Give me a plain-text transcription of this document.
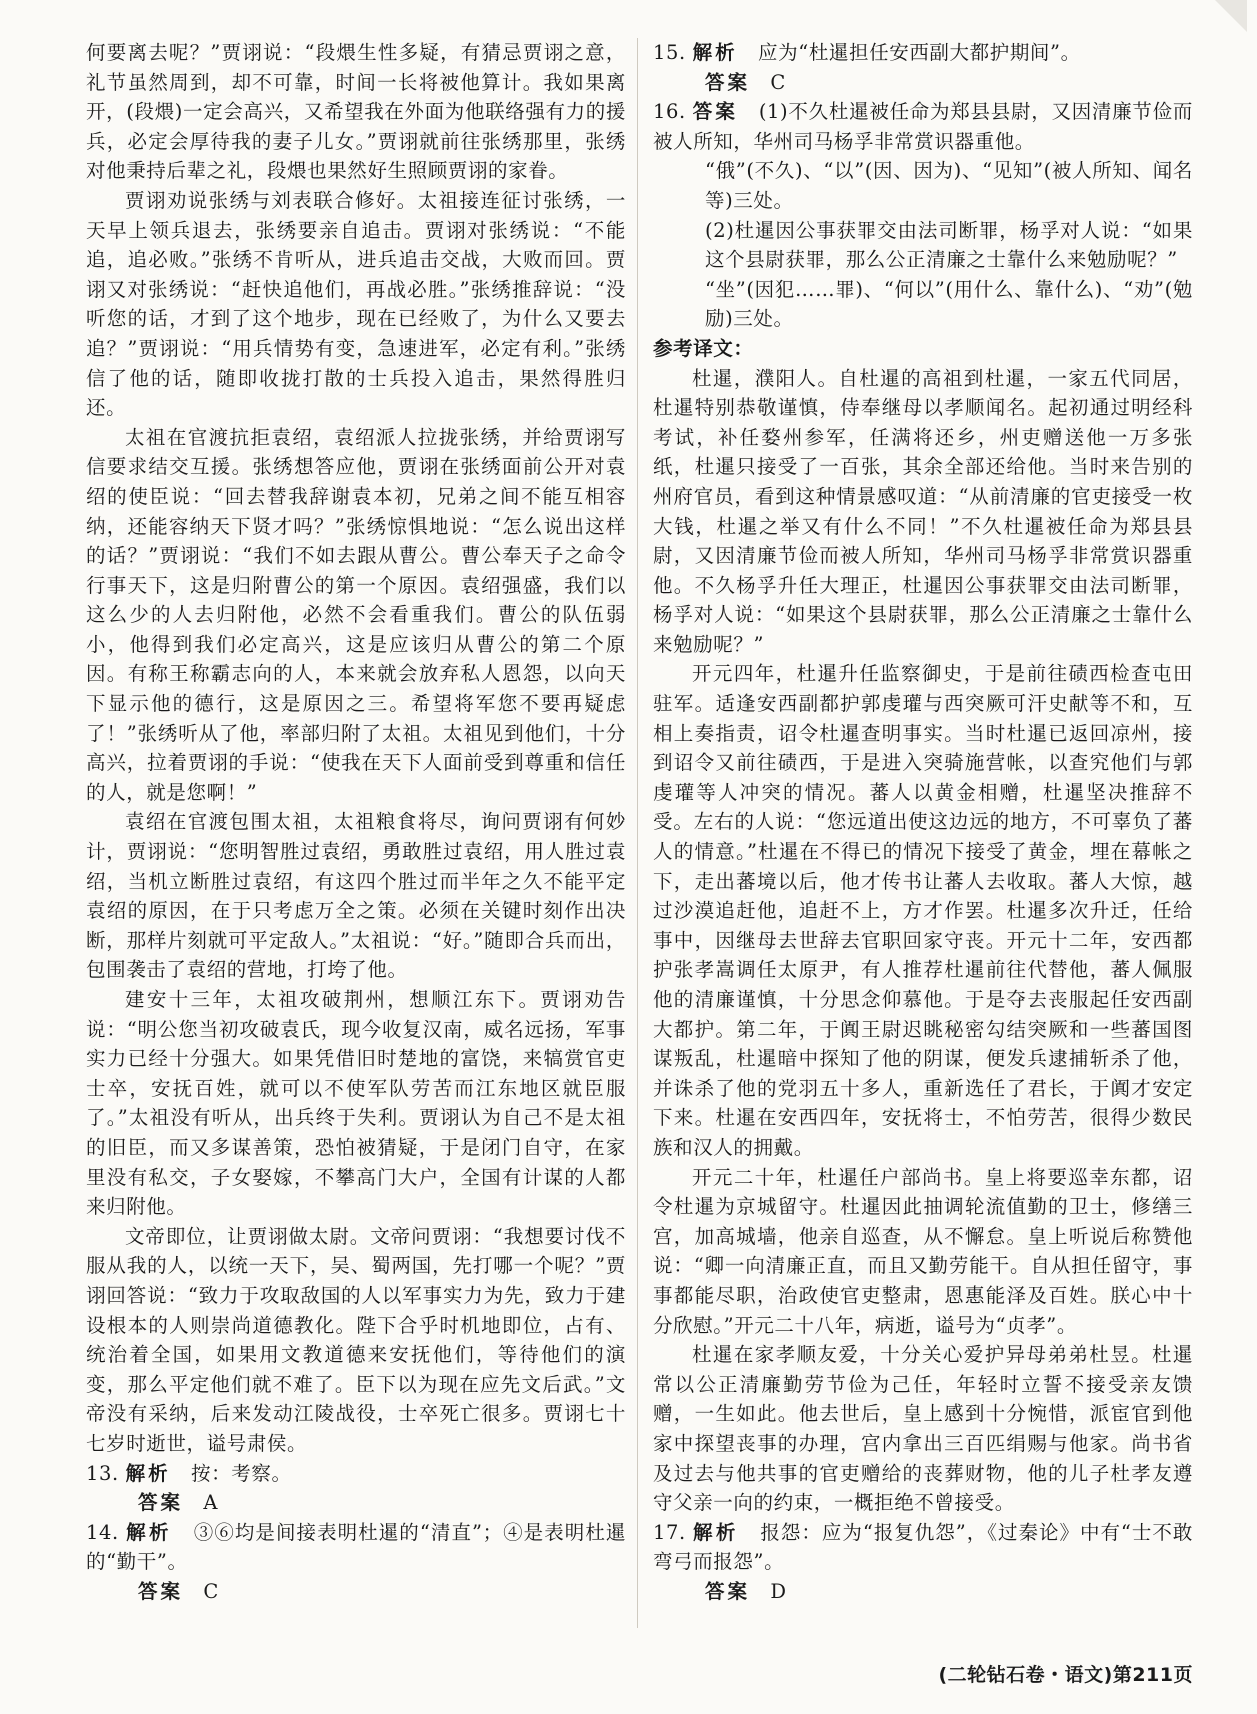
何要离去呢？”贾诩说：“段煨生性多疑，有猜忌贾诩之意，礼节虽然周到，却不可靠，时间一长将被他算计。我如果离开，(段煨)一定会高兴，又希望我在外面为他联络强有力的援兵，必定会厚待我的妻子儿女。”贾诩就前往张绣那里，张绣对他秉持后辈之礼，段煨也果然好生照顾贾诩的家眷。

贾诩劝说张绣与刘表联合修好。太祖接连征讨张绣，一天早上领兵退去，张绣要亲自追击。贾诩对张绣说：“不能追，追必败。”张绣不肯听从，进兵追击交战，大败而回。贾诩又对张绣说：“赶快追他们，再战必胜。”张绣推辞说：“没听您的话，才到了这个地步，现在已经败了，为什么又要去追？”贾诩说：“用兵情势有变，急速进军，必定有利。”张绣信了他的话，随即收拢打散的士兵投入追击，果然得胜归还。

太祖在官渡抗拒袁绍，袁绍派人拉拢张绣，并给贾诩写信要求结交互援。张绣想答应他，贾诩在张绣面前公开对袁绍的使臣说：“回去替我辞谢袁本初，兄弟之间不能互相容纳，还能容纳天下贤才吗？”张绣惊惧地说：“怎么说出这样的话？”贾诩说：“我们不如去跟从曹公。曹公奉天子之命令行事天下，这是归附曹公的第一个原因。袁绍强盛，我们以这么少的人去归附他，必然不会看重我们。曹公的队伍弱小，他得到我们必定高兴，这是应该归从曹公的第二个原因。有称王称霸志向的人，本来就会放弃私人恩怨，以向天下显示他的德行，这是原因之三。希望将军您不要再疑虑了！”张绣听从了他，率部归附了太祖。太祖见到他们，十分高兴，拉着贾诩的手说：“使我在天下人面前受到尊重和信任的人，就是您啊！”

袁绍在官渡包围太祖，太祖粮食将尽，询问贾诩有何妙计，贾诩说：“您明智胜过袁绍，勇敢胜过袁绍，用人胜过袁绍，当机立断胜过袁绍，有这四个胜过而半年之久不能平定袁绍的原因，在于只考虑万全之策。必须在关键时刻作出决断，那样片刻就可平定敌人。”太祖说：“好。”随即合兵而出，包围袭击了袁绍的营地，打垮了他。

建安十三年，太祖攻破荆州，想顺江东下。贾诩劝告说：“明公您当初攻破袁氏，现今收复汉南，威名远扬，军事实力已经十分强大。如果凭借旧时楚地的富饶，来犒赏官吏士卒，安抚百姓，就可以不使军队劳苦而江东地区就臣服了。”太祖没有听从，出兵终于失利。贾诩认为自己不是太祖的旧臣，而又多谋善策，恐怕被猜疑，于是闭门自守，在家里没有私交，子女娶嫁，不攀高门大户，全国有计谋的人都来归附他。

文帝即位，让贾诩做太尉。文帝问贾诩：“我想要讨伐不服从我的人，以统一天下，吴、蜀两国，先打哪一个呢？”贾诩回答说：“致力于攻取敌国的人以军事实力为先，致力于建设根本的人则崇尚道德教化。陛下合乎时机地即位，占有、统治着全国，如果用文教道德来安抚他们，等待他们的演变，那么平定他们就不难了。臣下以为现在应先文后武。”文帝没有采纳，后来发动江陵战役，士卒死亡很多。贾诩七十七岁时逝世，谥号肃侯。

13. 解析 按：考察。

答案 A

14. 解析 ③⑥均是间接表明杜暹的“清直”；④是表明杜暹的“勤干”。

答案 C

15. 解析 应为“杜暹担任安西副大都护期间”。

答案 C

16. 答案 (1)不久杜暹被任命为郑县县尉，又因清廉节俭而被人所知，华州司马杨孚非常赏识器重他。

“俄”(不久)、“以”(因、因为)、“见知”(被人所知、闻名等)三处。

(2)杜暹因公事获罪交由法司断罪，杨孚对人说：“如果这个县尉获罪，那么公正清廉之士靠什么来勉励呢？”

“坐”(因犯……罪)、“何以”(用什么、靠什么)、“劝”(勉励)三处。

参考译文：

杜暹，濮阳人。自杜暹的高祖到杜暹，一家五代同居，杜暹特别恭敬谨慎，侍奉继母以孝顺闻名。起初通过明经科考试，补任婺州参军，任满将还乡，州吏赠送他一万多张纸，杜暹只接受了一百张，其余全部还给他。当时来告别的州府官员，看到这种情景感叹道：“从前清廉的官吏接受一枚大钱，杜暹之举又有什么不同！”不久杜暹被任命为郑县县尉，又因清廉节俭而被人所知，华州司马杨孚非常赏识器重他。不久杨孚升任大理正，杜暹因公事获罪交由法司断罪，杨孚对人说：“如果这个县尉获罪，那么公正清廉之士靠什么来勉励呢？”

开元四年，杜暹升任监察御史，于是前往碛西检查屯田驻军。适逢安西副都护郭虔瓘与西突厥可汗史献等不和，互相上奏指责，诏令杜暹查明事实。当时杜暹已返回凉州，接到诏令又前往碛西，于是进入突骑施营帐，以查究他们与郭虔瓘等人冲突的情况。蕃人以黄金相赠，杜暹坚决推辞不受。左右的人说：“您远道出使这边远的地方，不可辜负了蕃人的情意。”杜暹在不得已的情况下接受了黄金，埋在幕帐之下，走出蕃境以后，他才传书让蕃人去收取。蕃人大惊，越过沙漠追赶他，追赶不上，方才作罢。杜暹多次升迁，任给事中，因继母去世辞去官职回家守丧。开元十二年，安西都护张孝嵩调任太原尹，有人推荐杜暹前往代替他，蕃人佩服他的清廉谨慎，十分思念仰慕他。于是夺去丧服起任安西副大都护。第二年，于阗王尉迟眺秘密勾结突厥和一些蕃国图谋叛乱，杜暹暗中探知了他的阴谋，便发兵逮捕斩杀了他，并诛杀了他的党羽五十多人，重新选任了君长，于阗才安定下来。杜暹在安西四年，安抚将士，不怕劳苦，很得少数民族和汉人的拥戴。

开元二十年，杜暹任户部尚书。皇上将要巡幸东都，诏令杜暹为京城留守。杜暹因此抽调轮流值勤的卫士，修缮三宫，加高城墙，他亲自巡查，从不懈怠。皇上听说后称赞他说：“卿一向清廉正直，而且又勤劳能干。自从担任留守，事事都能尽职，治政使官吏整肃，恩惠能泽及百姓。朕心中十分欣慰。”开元二十八年，病逝，谥号为“贞孝”。

杜暹在家孝顺友爱，十分关心爱护异母弟弟杜昱。杜暹常以公正清廉勤劳节俭为己任，年轻时立誓不接受亲友馈赠，一生如此。他去世后，皇上感到十分惋惜，派宦官到他家中探望丧事的办理，宫内拿出三百匹绢赐与他家。尚书省及过去与他共事的官吏赠给的丧葬财物，他的儿子杜孝友遵守父亲一向的约束，一概拒绝不曾接受。

17. 解析 报怨：应为“报复仇怨”，《过秦论》中有“士不敢弯弓而报怨”。

答案 D

(二轮钻石卷・语文)第211页
